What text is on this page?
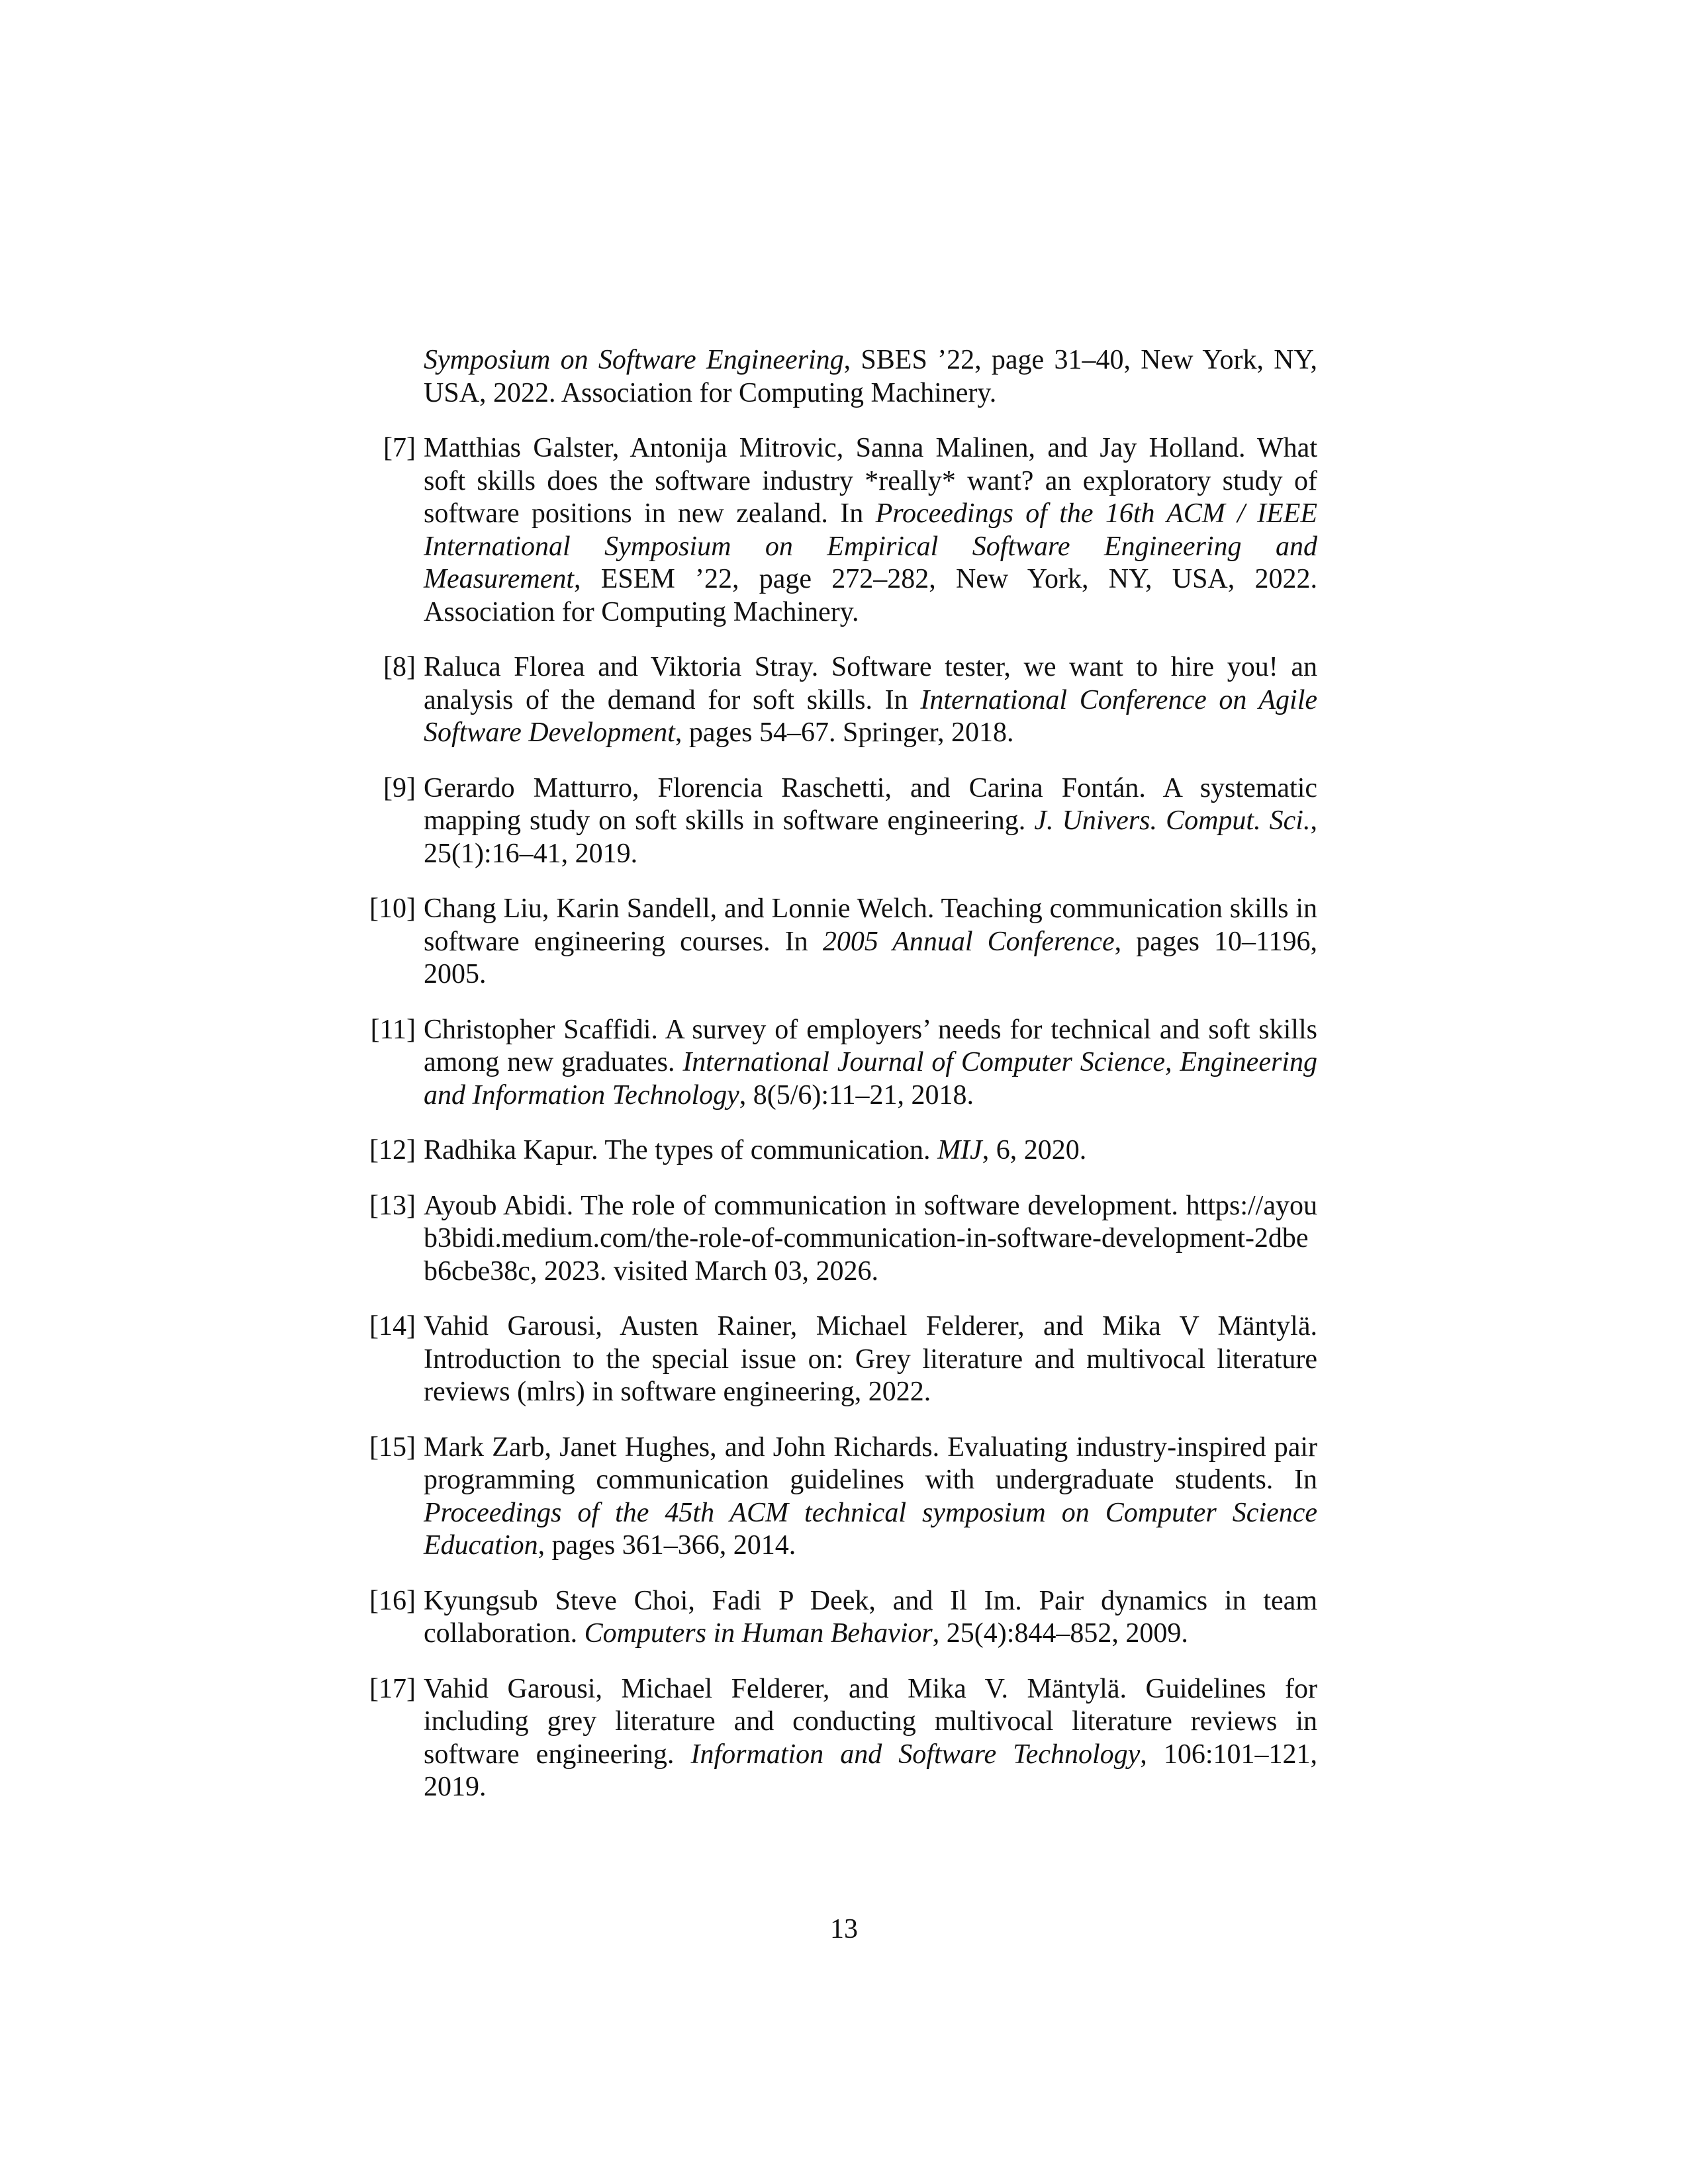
Symposium on Software Engineering, SBES ’22, page 31–40, New York, NY, USA, 2022. Association for Computing Machinery.
[7] Matthias Galster, Antonija Mitrovic, Sanna Malinen, and Jay Holland. What soft skills does the software industry *really* want? an exploratory study of software positions in new zealand. In Proceedings of the 16th ACM / IEEE International Symposium on Empirical Software Engineering and Measurement, ESEM ’22, page 272–282, New York, NY, USA, 2022. Association for Computing Machinery.
[8] Raluca Florea and Viktoria Stray. Software tester, we want to hire you! an analysis of the demand for soft skills. In International Conference on Agile Software Development, pages 54–67. Springer, 2018.
[9] Gerardo Matturro, Florencia Raschetti, and Carina Fontán. A systematic mapping study on soft skills in software engineering. J. Univers. Comput. Sci., 25(1):16–41, 2019.
[10] Chang Liu, Karin Sandell, and Lonnie Welch. Teaching communication skills in software engineering courses. In 2005 Annual Conference, pages 10–1196, 2005.
[11] Christopher Scaffidi. A survey of employers’ needs for technical and soft skills among new graduates. International Journal of Computer Science, Engineering and Information Technology, 8(5/6):11–21, 2018.
[12] Radhika Kapur. The types of communication. MIJ, 6, 2020.
[13] Ayoub Abidi. The role of communication in software development. https://ayoub3bidi.medium.com/the-role-of-communication-in-software-development-2dbeb6cbe38c, 2023. visited March 03, 2026.
[14] Vahid Garousi, Austen Rainer, Michael Felderer, and Mika V Mäntylä. Introduction to the special issue on: Grey literature and multivocal literature reviews (mlrs) in software engineering, 2022.
[15] Mark Zarb, Janet Hughes, and John Richards. Evaluating industry-inspired pair programming communication guidelines with undergraduate students. In Proceedings of the 45th ACM technical symposium on Computer Science Education, pages 361–366, 2014.
[16] Kyungsub Steve Choi, Fadi P Deek, and Il Im. Pair dynamics in team collaboration. Computers in Human Behavior, 25(4):844–852, 2009.
[17] Vahid Garousi, Michael Felderer, and Mika V. Mäntylä. Guidelines for including grey literature and conducting multivocal literature reviews in software engineering. Information and Software Technology, 106:101–121, 2019.
13
